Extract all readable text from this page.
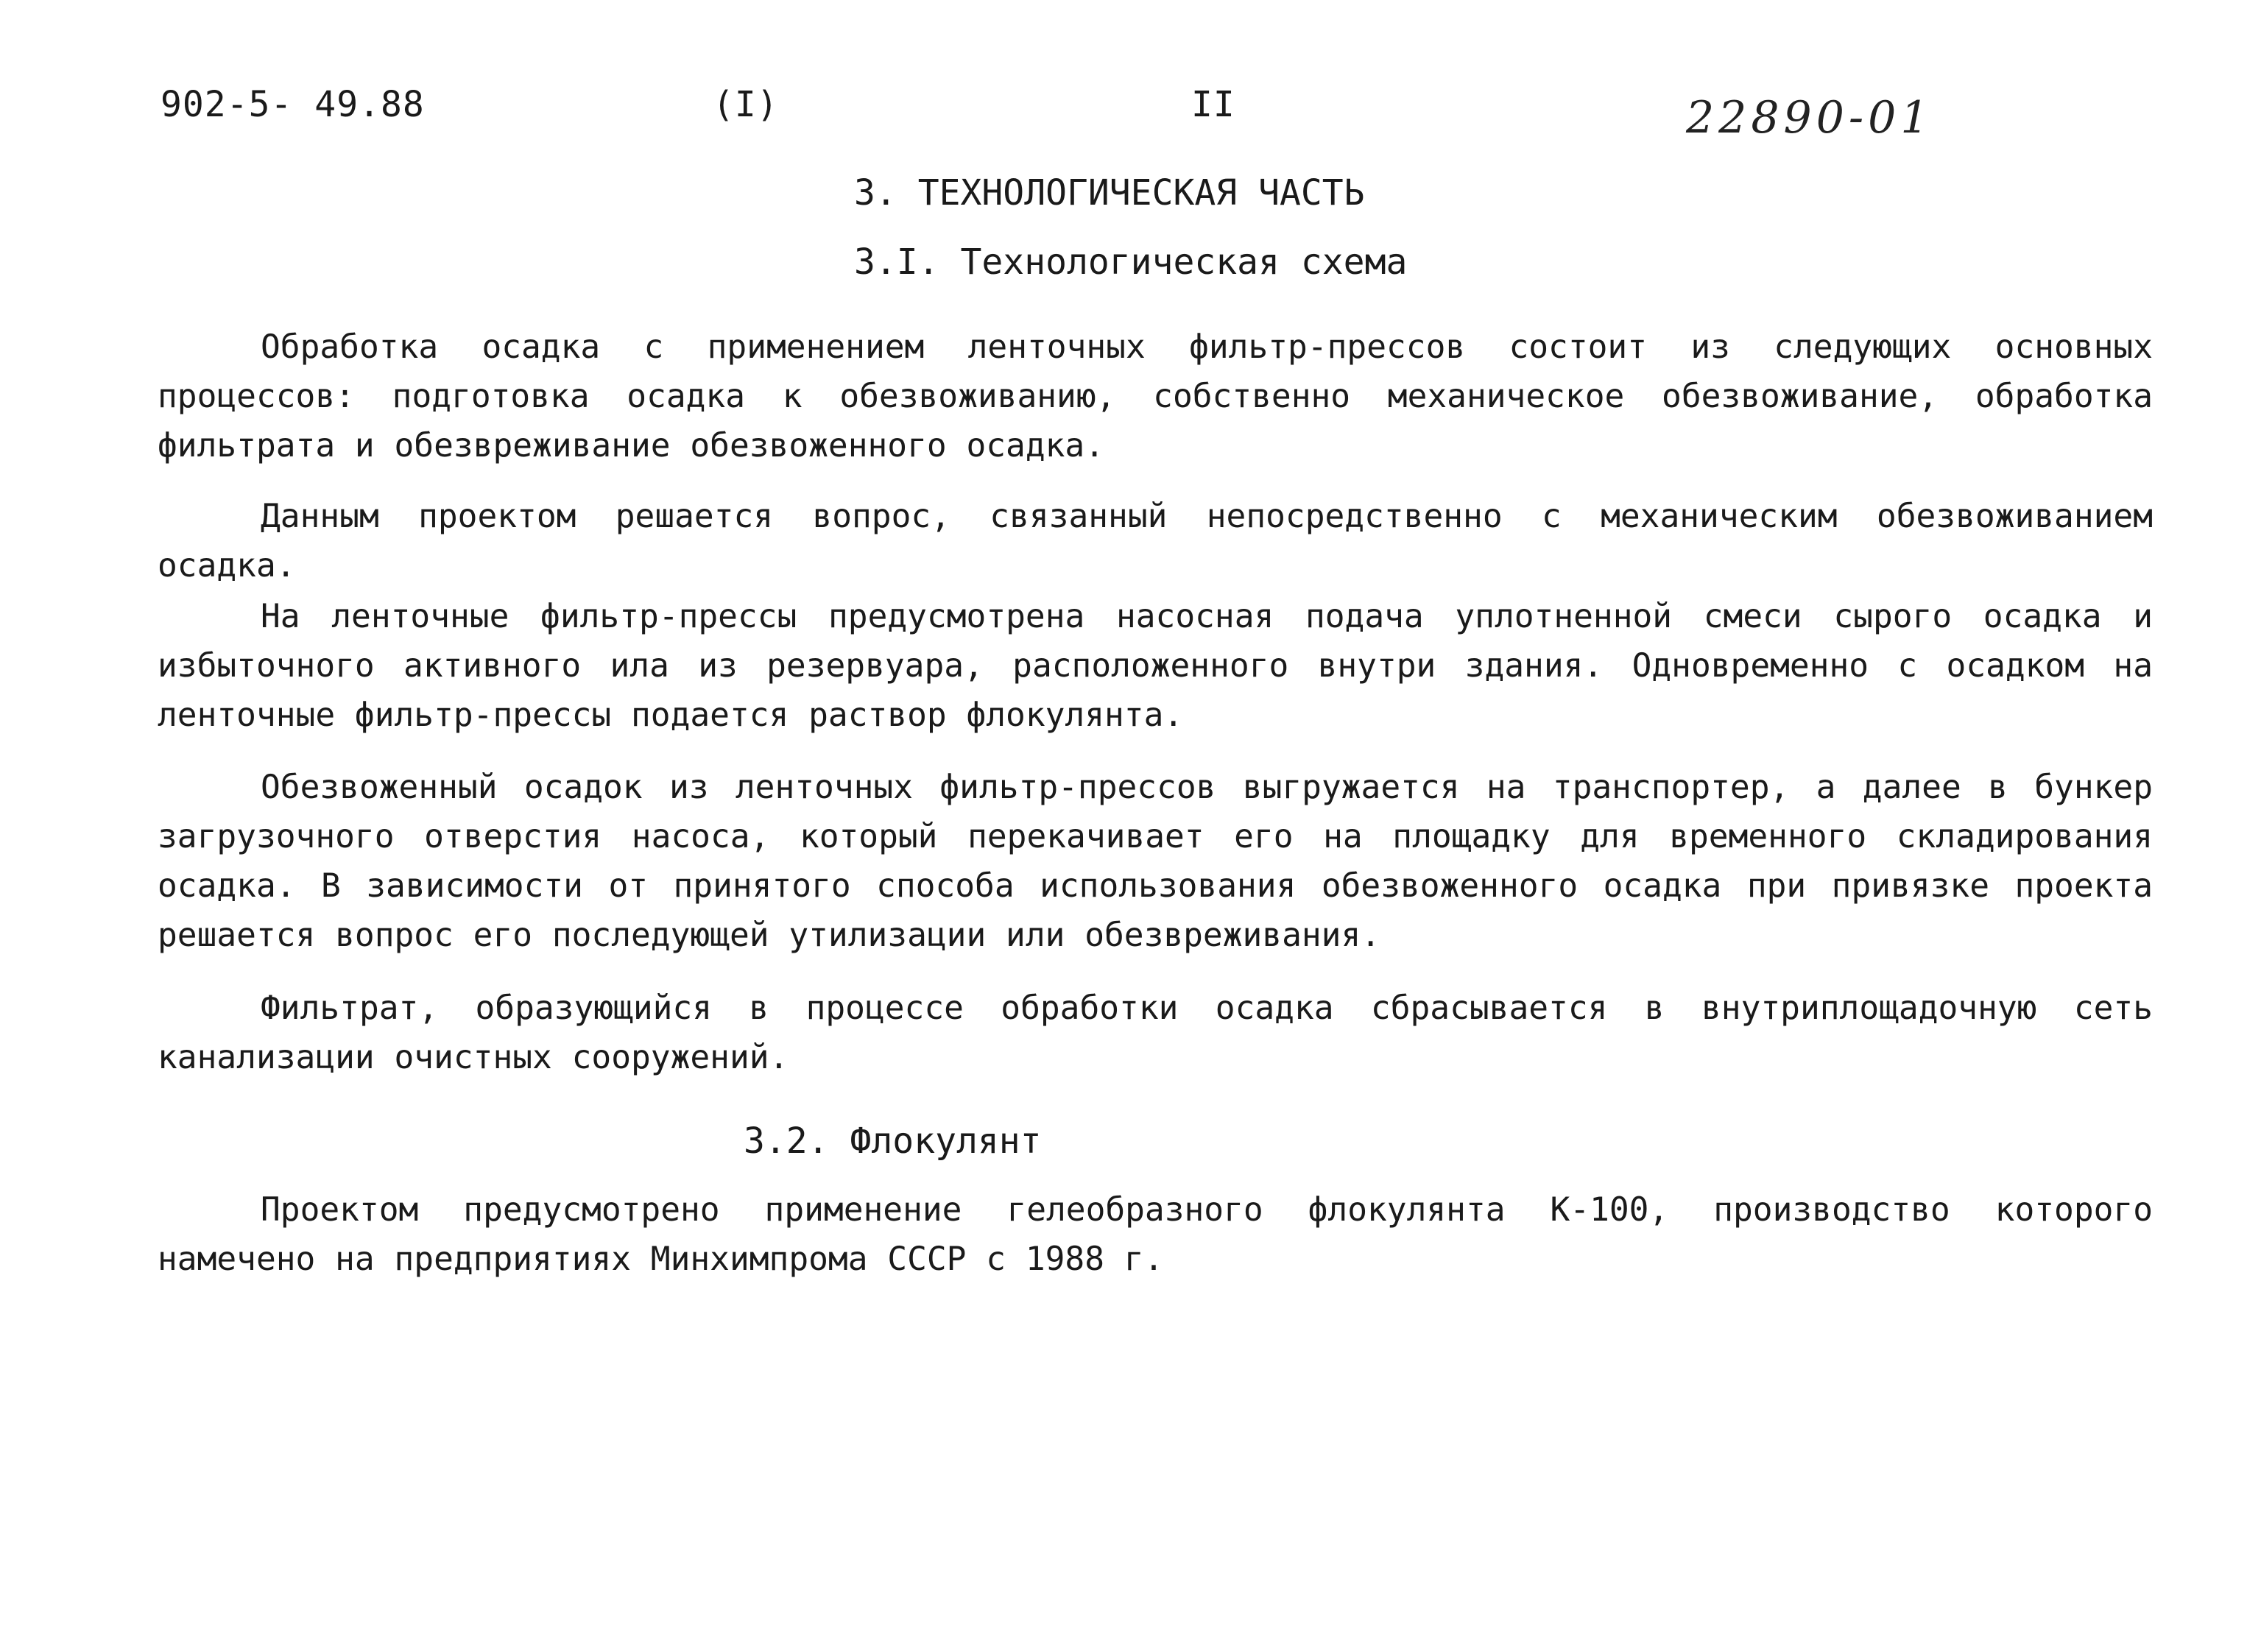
902-5- 49.88	(I)	II	22890-01
3. ТЕХНОЛОГИЧЕСКАЯ ЧАСТЬ
3.I. Технологическая схема

Обработка осадка с применением ленточных фильтр-прессов состоит из следующих основных процессов: подготовка осадка к обезвоживанию, собственно механическое обезвоживание, обработка фильтрата и обезвреживание обезвоженного осадка.

Данным проектом решается вопрос, связанный непосредственно с механическим обезвоживанием осадка.

На ленточные фильтр-прессы предусмотрена насосная подача уплотненной смеси сырого осадка и избыточного активного ила из резервуара, расположенного внутри здания. Одновременно с осадком на ленточные фильтр-прессы подается раствор флокулянта.

Обезвоженный осадок из ленточных фильтр-прессов выгружается на транспортер, а далее в бункер загрузочного отверстия насоса, который перекачивает его на площадку для временного складирования осадка. В зависимости от принятого способа использования обезвоженного осадка при привязке проекта решается вопрос его последующей утилизации или обезвреживания.

Фильтрат, образующийся в процессе обработки осадка сбрасывается в внутриплощадочную сеть канализации очистных сооружений.

3.2. Флокулянт

Проектом предусмотрено применение гелеобразного флокулянта К-100, производство которого намечено на предприятиях Минхимпрома СССР с 1988 г.
